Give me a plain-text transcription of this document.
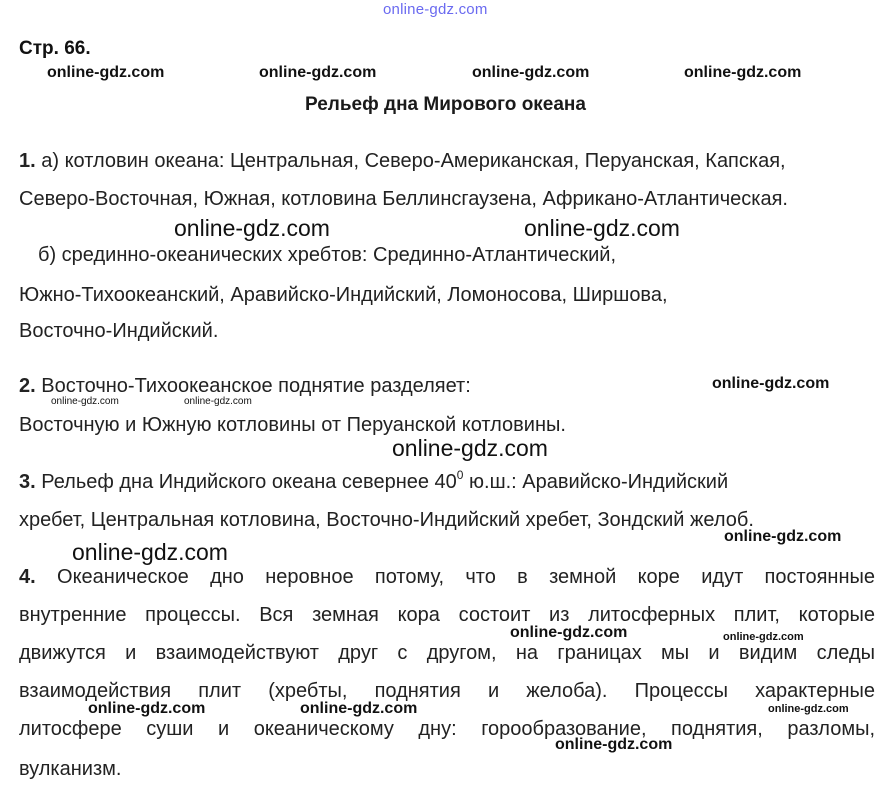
online-gdz.com
Стр. 66.
online-gdz.com	online-gdz.com	online-gdz.com	online-gdz.com
Рельеф дна Мирового океана
1. а) котловин океана: Центральная, Северо-Американская, Перуанская, Капская,
Северо-Восточная, Южная, котловина Беллинсгаузена, Африкано-Атлантическая.
online-gdz.com	online-gdz.com
б) срединно-океанических хребтов: Срединно-Атлантический,
Южно-Тихоокеанский, Аравийско-Индийский, Ломоносова, Ширшова,
Восточно-Индийский.
2. Восточно-Тихоокеанское поднятие разделяет:	online-gdz.com
online-gdz.com	online-gdz.com
Восточную и Южную котловины от Перуанской котловины.
online-gdz.com
3. Рельеф дна Индийского океана севернее $40^0$ ю.ш.: Аравийско-Индийский
хребет, Центральная котловина, Восточно-Индийский хребет, Зондский желоб.
online-gdz.com
online-gdz.com
4. Океаническое дно неровное потому, что в земной коре идут постоянные
внутренние процессы. Вся земная кора состоит из литосферных плит, которые
online-gdz.com	online-gdz.com
движутся и взаимодействуют друг с другом, на границах мы и видим следы
взаимодействия плит (хребты, поднятия и желоба). Процессы характерные
online-gdz.com	online-gdz.com	online-gdz.com
литосфере суши и океаническому дну: горообразование, поднятия, разломы,
online-gdz.com
вулканизм.
